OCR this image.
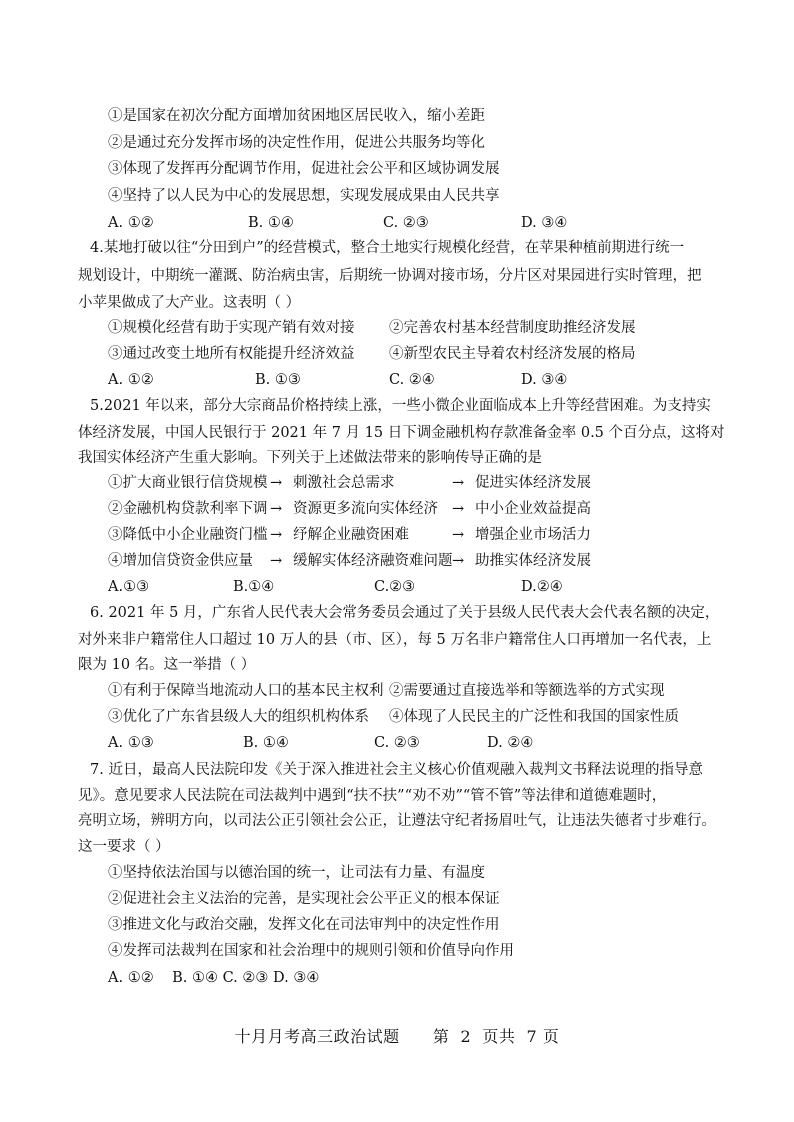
①是国家在初次分配方面增加贫困地区居民收入，缩小差距
②是通过充分发挥市场的决定性作用，促进公共服务均等化
③体现了发挥再分配调节作用，促进社会公平和区域协调发展
④坚持了以人民为中心的发展思想，实现发展成果由人民共享
A. ①②	B. ①④	C. ②③	D. ③④
4.某地打破以往“分田到户”的经营模式，整合土地实行规模化经营，在苹果种植前期进行统一
规划设计，中期统一灌溉、防治病虫害，后期统一协调对接市场，分片区对果园进行实时管理，把
小苹果做成了大产业。这表明（ ）
①规模化经营有助于实现产销有效对接 ②完善农村基本经营制度助推经济发展
③通过改变土地所有权能提升经济效益 ④新型农民主导着农村经济发展的格局
A. ①②	B. ①③	C. ②④	D. ③④
5.2021 年以来，部分大宗商品价格持续上涨，一些小微企业面临成本上升等经营困难。为支持实
体经济发展，中国人民银行于 2021 年 7 月 15 日下调金融机构存款准备金率 0.5 个百分点，这将对
我国实体经济产生重大影响。下列关于上述做法带来的影响传导正确的是
①扩大商业银行信贷规模 → 刺激社会总需求	→ 促进实体经济发展
②金融机构贷款利率下调 → 资源更多流向实体经济 → 中小企业效益提高
③降低中小企业融资门槛 → 纾解企业融资困难	→ 增强企业市场活力
④增加信贷资金供应量 → 缓解实体经济融资难问题 → 助推实体经济发展
A.①③	B.①④	C.②③	D.②④
6. 2021 年 5 月，广东省人民代表大会常务委员会通过了关于县级人民代表大会代表名额的决定，
对外来非户籍常住人口超过 10 万人的县（市、区），每 5 万名非户籍常住人口再增加一名代表，上
限为 10 名。这一举措（ ）
①有利于保障当地流动人口的基本民主权利 ②需要通过直接选举和等额选举的方式实现
③优化了广东省县级人大的组织机构体系 ④体现了人民民主的广泛性和我国的国家性质
A. ①③	B. ①④	C. ②③	D. ②④
7. 近日，最高人民法院印发《关于深入推进社会主义核心价值观融入裁判文书释法说理的指导意
见》。意见要求人民法院在司法裁判中遇到“扶不扶”“劝不劝”“管不管”等法律和道德难题时，
亮明立场，辨明方向，以司法公正引领社会公正，让遵法守纪者扬眉吐气，让违法失德者寸步难行。
这一要求（ ）
①坚持依法治国与以德治国的统一，让司法有力量、有温度
②促进社会主义法治的完善，是实现社会公平正义的根本保证
③推进文化与政治交融，发挥文化在司法审判中的决定性作用
④发挥司法裁判在国家和社会治理中的规则引领和价值导向作用
A. ①②    B. ①④ C. ②③ D. ③④
十月月考高三政治试题 第  2  页共  7 页
